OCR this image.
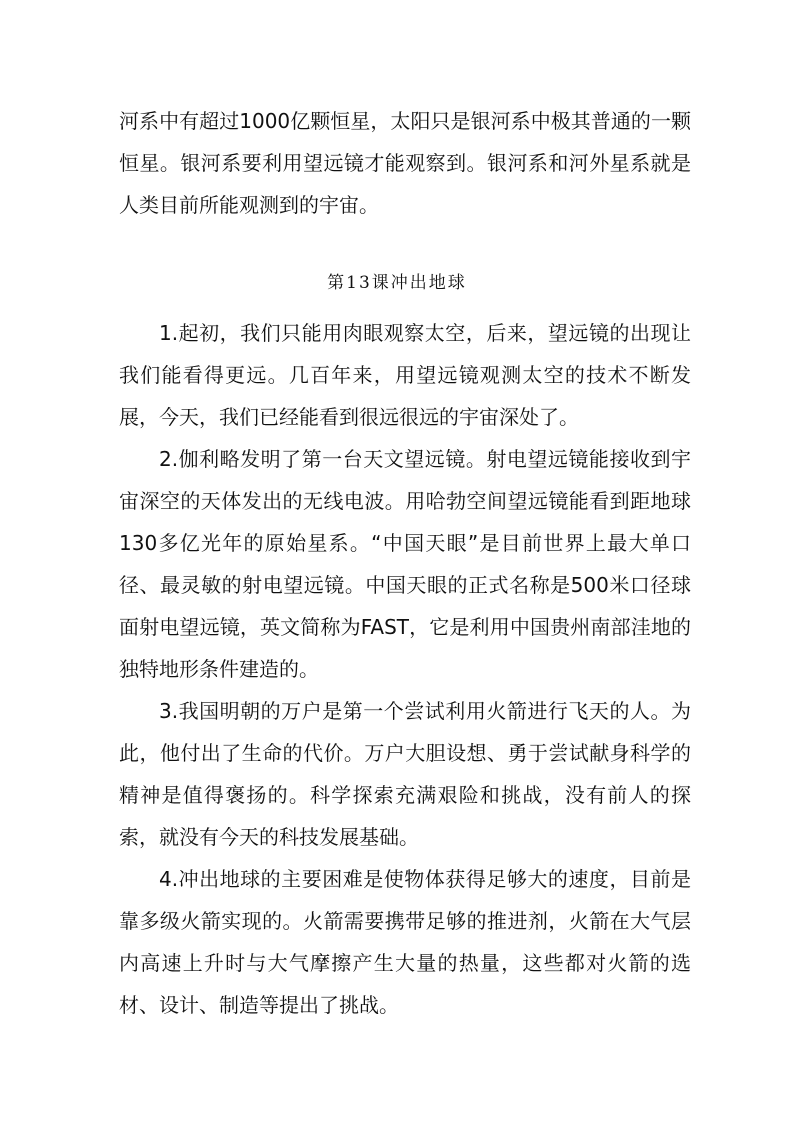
河系中有超过1000亿颗恒星，太阳只是银河系中极其普通的一颗恒星。银河系要利用望远镜才能观察到。银河系和河外星系就是人类目前所能观测到的宇宙。

第13课冲出地球

1.起初，我们只能用肉眼观察太空，后来，望远镜的出现让我们能看得更远。几百年来，用望远镜观测太空的技术不断发展，今天，我们已经能看到很远很远的宇宙深处了。

2.伽利略发明了第一台天文望远镜。射电望远镜能接收到宇宙深空的天体发出的无线电波。用哈勃空间望远镜能看到距地球130多亿光年的原始星系。“中国天眼”是目前世界上最大单口径、最灵敏的射电望远镜。中国天眼的正式名称是500米口径球面射电望远镜，英文简称为FAST，它是利用中国贵州南部洼地的独特地形条件建造的。

3.我国明朝的万户是第一个尝试利用火箭进行飞天的人。为此，他付出了生命的代价。万户大胆设想、勇于尝试献身科学的精神是值得褒扬的。科学探索充满艰险和挑战，没有前人的探索，就没有今天的科技发展基础。

4.冲出地球的主要困难是使物体获得足够大的速度，目前是靠多级火箭实现的。火箭需要携带足够的推进剂，火箭在大气层内高速上升时与大气摩擦产生大量的热量，这些都对火箭的选材、设计、制造等提出了挑战。
